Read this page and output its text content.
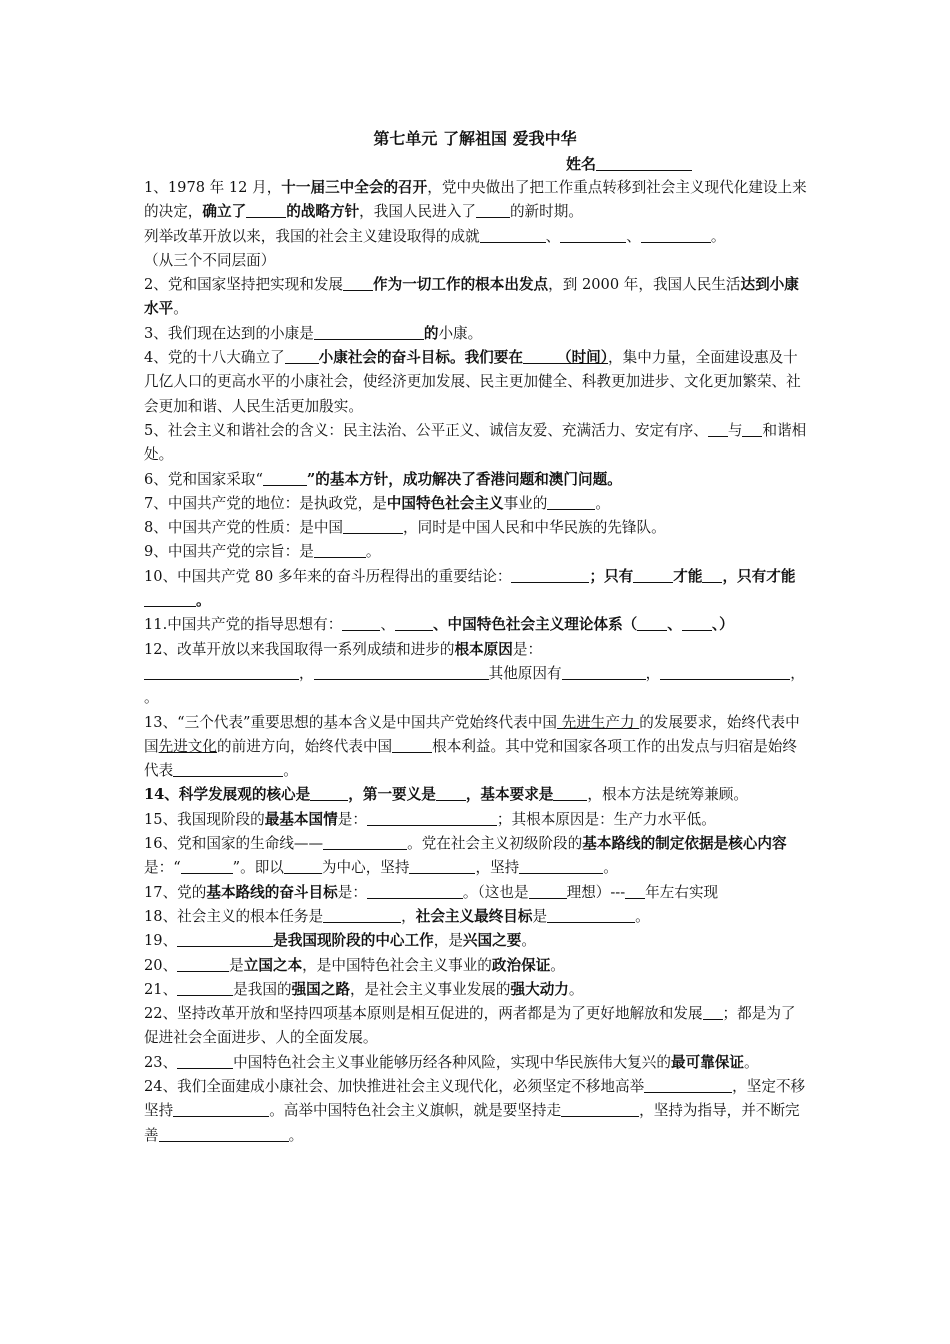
第七单元 了解祖国 爱我中华
姓名

1、1978 年 12 月，十一届三中全会的召开，党中央做出了把工作重点转移到社会主义现代化建设上来的决定，确立了	的战略方针，我国人民进入了 的新时期。

列举改革开放以来，我国的社会主义建设取得的成就	、	、	。
（从三个不同层面）

2、党和国家坚持把实现和发展 作为一切工作的根本出发点，到 2000 年，我国人民生活达到小康水平。

3、我们现在达到的小康是	的小康。

4、党的十八大确立了 小康社会的奋斗目标。我们要在 （时间），集中力量，全面建设惠及十几亿人口的更高水平的小康社会，使经济更加发展、民主更加健全、科教更加进步、文化更加繁荣、社会更加和谐、人民生活更加殷实。

5、社会主义和谐社会的含义：民主法治、公平正义、诚信友爱、充满活力、安定有序、 与 和谐相处。

6、党和国家采取“	”的基本方针，成功解决了香港问题和澳门问题。

7、中国共产党的地位：是执政党，是中国特色社会主义事业的	。

8、中国共产党的性质：是中国	，同时是中国人民和中华民族的先锋队。

9、中国共产党的宗旨：是	。

10、中国共产党 80 多年来的奋斗历程得出的重要结论：	；只有	才能 ，只有才能。

11.中国共产党的指导思想有：	、	、中国特色社会主义理论体系（ 、 、）

12、改革开放以来我国取得一系列成绩和进步的根本原因是：
，	其他原因有	，	，
。

13、“三个代表”重要思想的基本含义是中国共产党始终代表中国 先进生产力 的发展要求，始终代表中国先进文化的前进方向，始终代表中国	根本利益。其中党和国家各项工作的出发点与归宿是始终代表	。

14、科学发展观的核心是	，第一要义是 ，基本要求是 ，根本方法是统筹兼顾。

15、我国现阶段的最基本国情是：	；其根本原因是：生产力水平低。

16、党和国家的生命线——	。党在社会主义初级阶段的基本路线的制定依据是核心内容是：“	”。即以	为中心，坚持	，坚持	。

17、党的基本路线的奋斗目标是：	。（这也是	理想）--- 年左右实现

18、社会主义的根本任务是	，社会主义最终目标是	。

19、	是我国现阶段的中心工作，是兴国之要。

20、	是立国之本，是中国特色社会主义事业的政治保证。

21、	是我国的强国之路，是社会主义事业发展的强大动力。

22、坚持改革开放和坚持四项基本原则是相互促进的，两者都是为了更好地解放和发展 ；都是为了促进社会全面进步、人的全面发展。

23、	中国特色社会主义事业能够历经各种风险，实现中华民族伟大复兴的最可靠保证。

24、我们全面建成小康社会、加快推进社会主义现代化，必须坚定不移地高举	，坚定不移坚持	。高举中国特色社会主义旗帜，就是要坚持走	，坚持为指导，并不断完善	。
